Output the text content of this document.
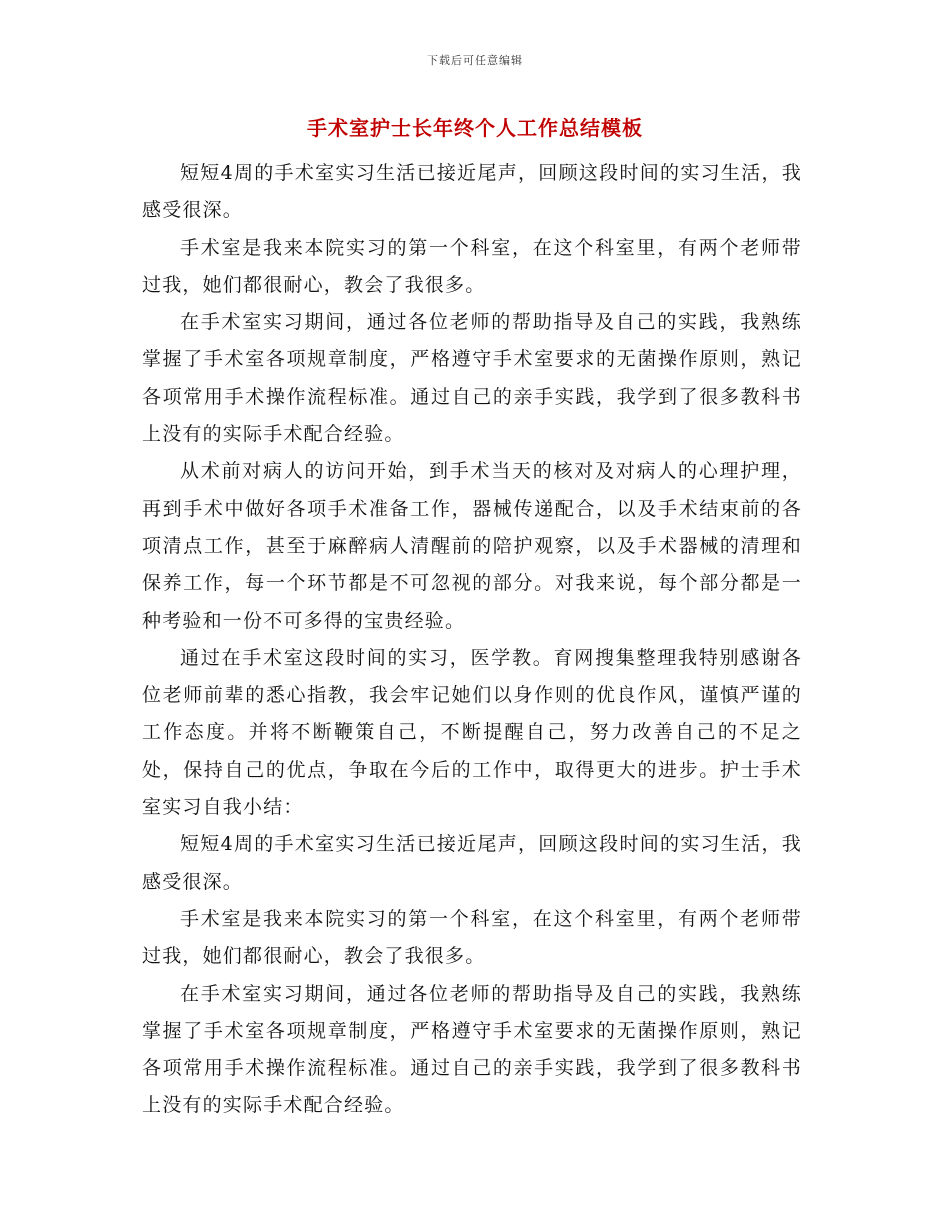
下载后可任意编辑
手术室护士长年终个人工作总结模板

短短4周的手术室实习生活已接近尾声，回顾这段时间的实习生活，我感受很深。

手术室是我来本院实习的第一个科室，在这个科室里，有两个老师带过我，她们都很耐心，教会了我很多。

在手术室实习期间，通过各位老师的帮助指导及自己的实践，我熟练掌握了手术室各项规章制度，严格遵守手术室要求的无菌操作原则，熟记各项常用手术操作流程标准。通过自己的亲手实践，我学到了很多教科书上没有的实际手术配合经验。

从术前对病人的访问开始，到手术当天的核对及对病人的心理护理，再到手术中做好各项手术准备工作，器械传递配合，以及手术结束前的各项清点工作，甚至于麻醉病人清醒前的陪护观察，以及手术器械的清理和保养工作，每一个环节都是不可忽视的部分。对我来说，每个部分都是一种考验和一份不可多得的宝贵经验。

通过在手术室这段时间的实习，医学教。育网搜集整理我特别感谢各位老师前辈的悉心指教，我会牢记她们以身作则的优良作风，谨慎严谨的工作态度。并将不断鞭策自己，不断提醒自己，努力改善自己的不足之处，保持自己的优点，争取在今后的工作中，取得更大的进步。护士手术室实习自我小结：

短短4周的手术室实习生活已接近尾声，回顾这段时间的实习生活，我感受很深。

手术室是我来本院实习的第一个科室，在这个科室里，有两个老师带过我，她们都很耐心，教会了我很多。

在手术室实习期间，通过各位老师的帮助指导及自己的实践，我熟练掌握了手术室各项规章制度，严格遵守手术室要求的无菌操作原则，熟记各项常用手术操作流程标准。通过自己的亲手实践，我学到了很多教科书上没有的实际手术配合经验。
